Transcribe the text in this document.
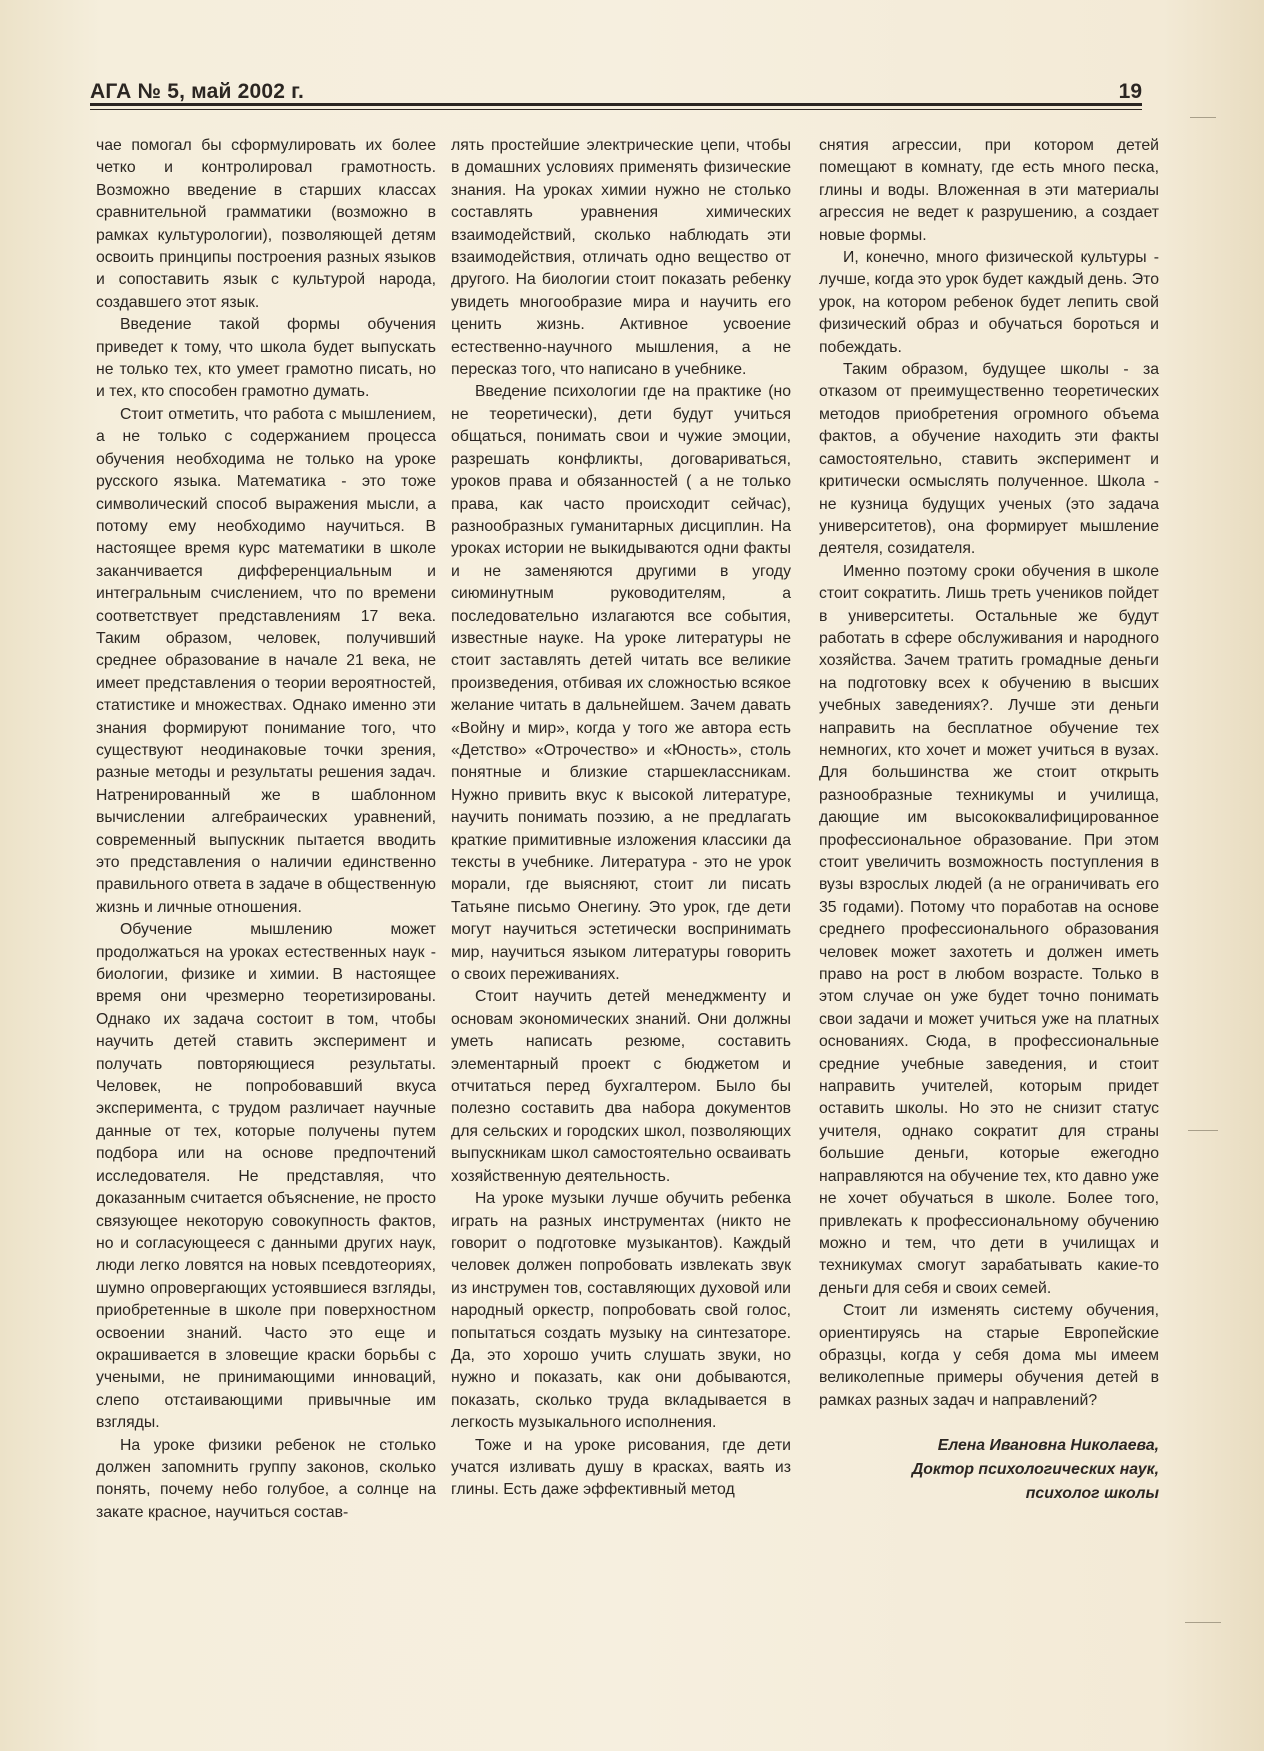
АГА № 5, май 2002 г.	19

чае помогал бы сформулировать их более четко и контролировал грамотность. Возможно введение в старших классах сравнительной грамматики (возможно в рамках культурологии), позволяющей детям освоить принципы построения разных языков и сопоставить язык с культурой народа, создавшего этот язык.

Введение такой формы обучения приведет к тому, что школа будет выпускать не только тех, кто умеет грамотно писать, но и тех, кто способен грамотно думать.

Стоит отметить, что работа с мышлением, а не только с содержанием процесса обучения необходима не только на уроке русского языка. Математика - это тоже символический способ выражения мысли, а потому ему необходимо научиться. В настоящее время курс математики в школе заканчивается дифференциальным и интегральным счислением, что по времени соответствует представлениям 17 века. Таким образом, человек, получивший среднее образование в начале 21 века, не имеет представления о теории вероятностей, статистике и множествах. Однако именно эти знания формируют понимание того, что существуют неодинаковые точки зрения, разные методы и результаты решения задач. Натренированный же в шаблонном вычислении алгебраических уравнений, современный выпускник пытается вводить это представления о наличии единственно правильного ответа в задаче в общественную жизнь и личные отношения.

Обучение мышлению может продолжаться на уроках естественных наук - биологии, физике и химии. В настоящее время они чрезмерно теоретизированы. Однако их задача состоит в том, чтобы научить детей ставить эксперимент и получать повторяющиеся результаты. Человек, не попробовавший вкуса эксперимента, с трудом различает научные данные от тех, которые получены путем подбора или на основе предпочтений исследователя. Не представляя, что доказанным считается объяснение, не просто связующее некоторую совокупность фактов, но и согласующееся с данными других наук, люди легко ловятся на новых псевдотеориях, шумно опровергающих устоявшиеся взгляды, приобретенные в школе при поверхностном освоении знаний. Часто это еще и окрашивается в зловещие краски борьбы с учеными, не принимающими инноваций, слепо отстаивающими привычные им взгляды.

На уроке физики ребенок не столько должен запомнить группу законов, сколько понять, почему небо голубое, а солнце на закате красное, научиться состав-

лять простейшие электрические цепи, чтобы в домашних условиях применять физические знания. На уроках химии нужно не столько составлять уравнения химических взаимодействий, сколько наблюдать эти взаимодействия, отличать одно вещество от другого. На биологии стоит показать ребенку увидеть многообразие мира и научить его ценить жизнь. Активное усвоение естественно-научного мышления, а не пересказ того, что написано в учебнике.

Введение психологии где на практике (но не теоретически), дети будут учиться общаться, понимать свои и чужие эмоции, разрешать конфликты, договариваться, уроков права и обязанностей ( а не только права, как часто происходит сейчас), разнообразных гуманитарных дисциплин. На уроках истории не выкидываются одни факты и не заменяются другими в угоду сиюминутным руководителям, а последовательно излагаются все события, известные науке. На уроке литературы не стоит заставлять детей читать все великие произведения, отбивая их сложностью всякое желание читать в дальнейшем. Зачем давать «Войну и мир», когда у того же автора есть «Детство» «Отрочество» и «Юность», столь понятные и близкие старшеклассникам. Нужно привить вкус к высокой литературе, научить понимать поэзию, а не предлагать краткие примитивные изложения классики да тексты в учебнике. Литература - это не урок морали, где выясняют, стоит ли писать Татьяне письмо Онегину. Это урок, где дети могут научиться эстетически воспринимать мир, научиться языком литературы говорить о своих переживаниях.

Стоит научить детей менеджменту и основам экономических знаний. Они должны уметь написать резюме, составить элементарный проект с бюджетом и отчитаться перед бухгалтером. Было бы полезно составить два набора документов для сельских и городских школ, позволяющих выпускникам школ самостоятельно осваивать хозяйственную деятельность.

На уроке музыки лучше обучить ребенка играть на разных инструментах (никто не говорит о подготовке музыкантов). Каждый человек должен попробовать извлекать звук из инструмен тов, составляющих духовой или народный оркестр, попробовать свой голос, попытаться создать музыку на синтезаторе. Да, это хорошо учить слушать звуки, но нужно и показать, как они добываются, показать, сколько труда вкладывается в легкость музыкального исполнения.

Тоже и на уроке рисования, где дети учатся изливать душу в красках, ваять из глины. Есть даже эффективный метод

снятия агрессии, при котором детей помещают в комнату, где есть много песка, глины и воды. Вложенная в эти материалы агрессия не ведет к разрушению, а создает новые формы.

И, конечно, много физической культуры - лучше, когда это урок будет каждый день. Это урок, на котором ребенок будет лепить свой физический образ и обучаться бороться и побеждать.

Таким образом, будущее школы - за отказом от преимущественно теоретических методов приобретения огромного объема фактов, а обучение находить эти факты самостоятельно, ставить эксперимент и критически осмыслять полученное. Школа - не кузница будущих ученых (это задача университетов), она формирует мышление деятеля, созидателя.

Именно поэтому сроки обучения в школе стоит сократить. Лишь треть учеников пойдет в университеты. Остальные же будут работать в сфере обслуживания и народного хозяйства. Зачем тратить громадные деньги на подготовку всех к обучению в высших учебных заведениях?. Лучше эти деньги направить на бесплатное обучение тех немногих, кто хочет и может учиться в вузах. Для большинства же стоит открыть разнообразные техникумы и училища, дающие им высококвалифицированное профессиональное образование. При этом стоит увеличить возможность поступления в вузы взрослых людей (а не ограничивать его 35 годами). Потому что поработав на основе среднего профессионального образования человек может захотеть и должен иметь право на рост в любом возрасте. Только в этом случае он уже будет точно понимать свои задачи и может учиться уже на платных основаниях. Сюда, в профессиональные средние учебные заведения, и стоит направить учителей, которым придет оставить школы. Но это не снизит статус учителя, однако сократит для страны большие деньги, которые ежегодно направляются на обучение тех, кто давно уже не хочет обучаться в школе. Более того, привлекать к профессиональному обучению можно и тем, что дети в училищах и техникумах смогут зарабатывать какие-то деньги для себя и своих семей.

Стоит ли изменять систему обучения, ориентируясь на старые Европейские образцы, когда у себя дома мы имеем великолепные примеры обучения детей в рамках разных задач и направлений?

Елена Ивановна Николаева,
Доктор психологических наук,
психолог школы
